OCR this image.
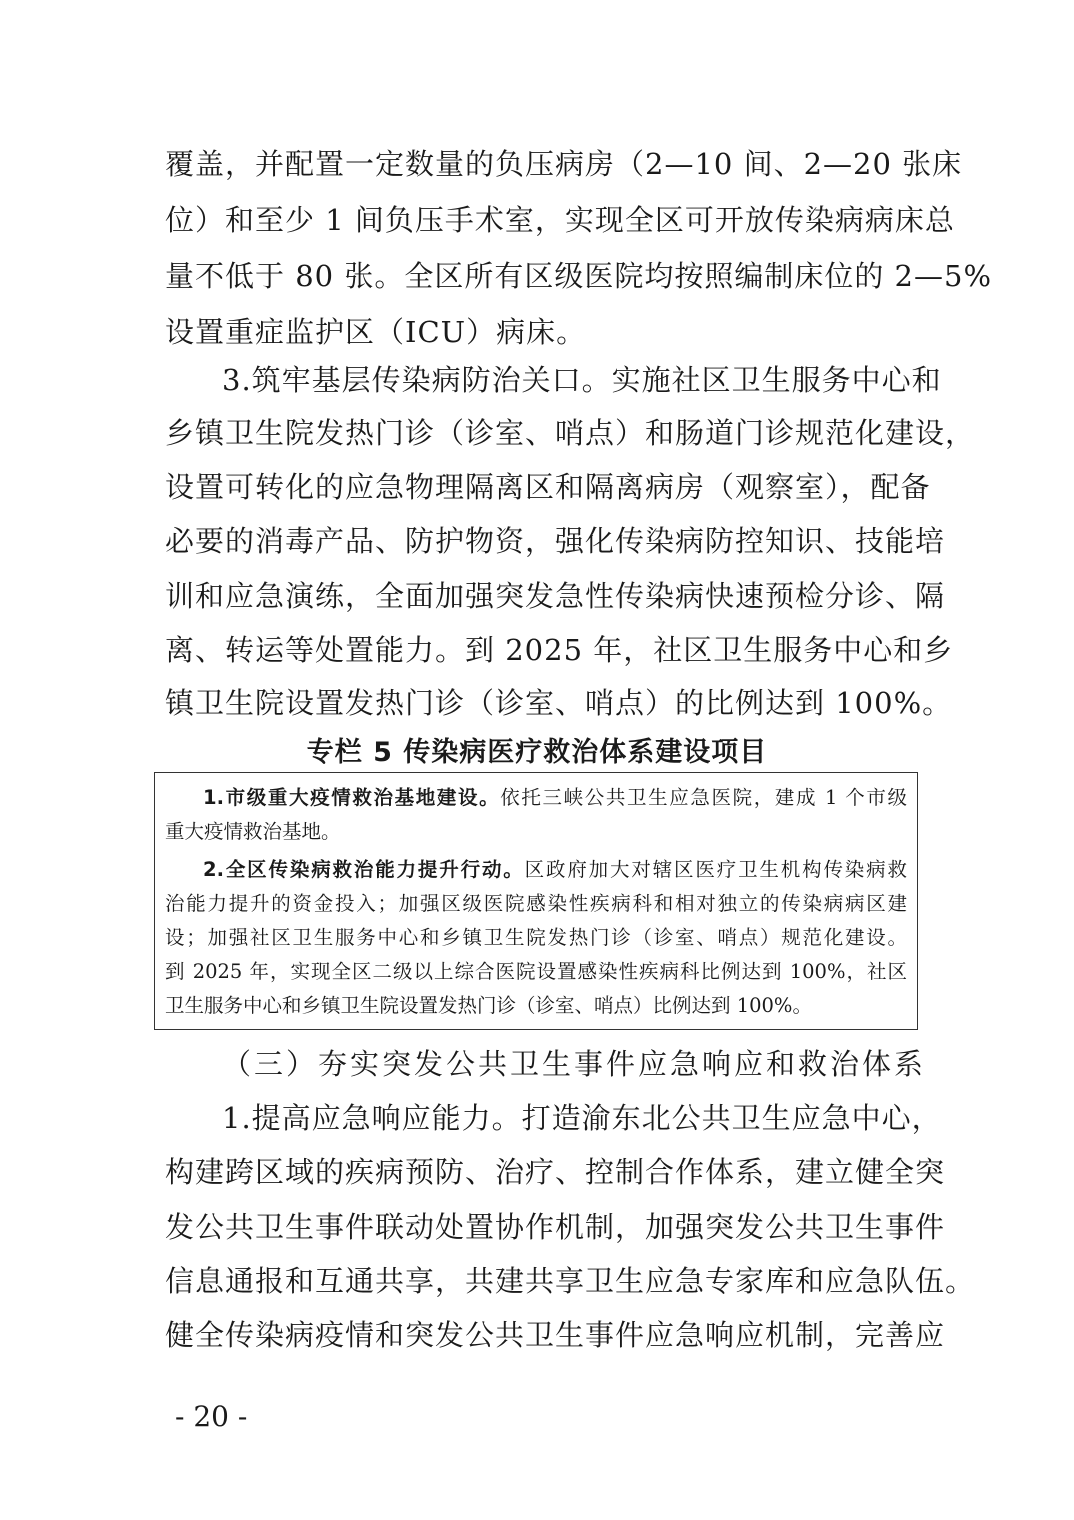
覆盖，并配置一定数量的负压病房（2—10 间、2—20 张床
位）和至少 1 间负压手术室，实现全区可开放传染病病床总
量不低于 80 张。全区所有区级医院均按照编制床位的 2—5%
设置重症监护区（ICU）病床。
3.筑牢基层传染病防治关口。实施社区卫生服务中心和
乡镇卫生院发热门诊（诊室、哨点）和肠道门诊规范化建设，
设置可转化的应急物理隔离区和隔离病房（观察室），配备
必要的消毒产品、防护物资，强化传染病防控知识、技能培
训和应急演练，全面加强突发急性传染病快速预检分诊、隔
离、转运等处置能力。到 2025 年，社区卫生服务中心和乡
镇卫生院设置发热门诊（诊室、哨点）的比例达到 100%。
专栏 5 传染病医疗救治体系建设项目
1.市级重大疫情救治基地建设。依托三峡公共卫生应急医院，建成 1 个市级
重大疫情救治基地。
2.全区传染病救治能力提升行动。区政府加大对辖区医疗卫生机构传染病救
治能力提升的资金投入；加强区级医院感染性疾病科和相对独立的传染病病区建
设；加强社区卫生服务中心和乡镇卫生院发热门诊（诊室、哨点）规范化建设。
到 2025 年，实现全区二级以上综合医院设置感染性疾病科比例达到 100%，社区
卫生服务中心和乡镇卫生院设置发热门诊（诊室、哨点）比例达到 100%。
（三）夯实突发公共卫生事件应急响应和救治体系
1.提高应急响应能力。打造渝东北公共卫生应急中心，
构建跨区域的疾病预防、治疗、控制合作体系，建立健全突
发公共卫生事件联动处置协作机制，加强突发公共卫生事件
信息通报和互通共享，共建共享卫生应急专家库和应急队伍。
健全传染病疫情和突发公共卫生事件应急响应机制，完善应
- 20 -
